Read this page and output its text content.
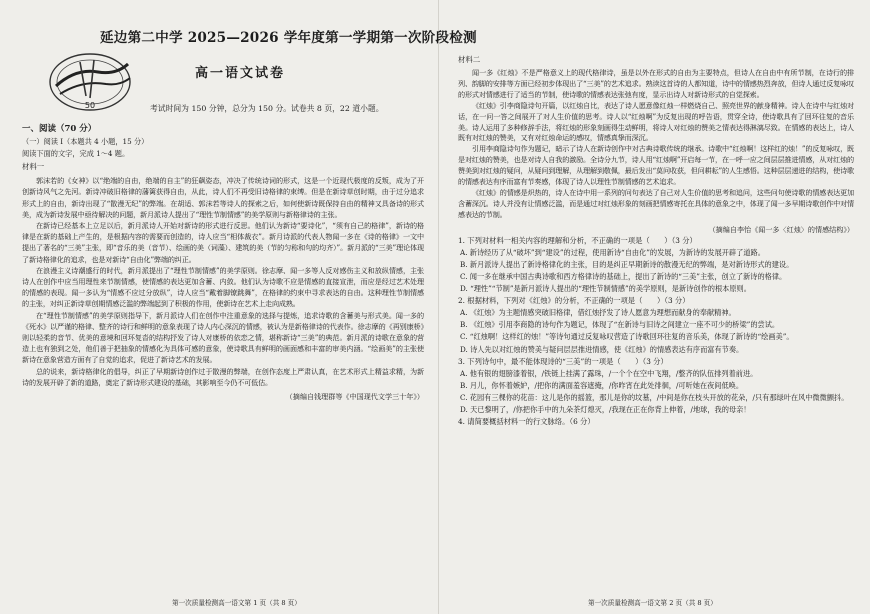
50
延边第二中学 2025—2026 学年度第一学期第一次阶段检测
高一语文试卷
考试时间为 150 分钟，总分为 150 分。试卷共 8 页，22 道小题。
一、阅读（70 分）
（一）阅读 I（本题共 4 小题，15 分）
阅读下面的文字，完成 1～4 题。
材料一

郭沫若的《女神》以“绝端的自由，绝端的自主”的狂飙姿态，冲决了传统诗词的形式，这是一个近现代极度的反叛，成为了开创新诗风气之先河。新诗冲破旧格律的藩篱获得自由，从此，诗人们不再受旧诗格律的束缚。但是在新诗草创时期，由于过分追求形式上的自由，新诗出现了“散漫无纪”的弊端。在胡适、郭沫若等诗人的探索之后，如何使新诗既保持自由的精神又具备诗的形式美，成为新诗发展中亟待解决的问题，新月派诗人提出了“理性节制情感”的美学原则与新格律诗的主张。

在新诗已经基本上立足以后，新月派诗人开始对新诗的形式进行反思。他们认为新诗“要诗化”，“须有自己的格律”，新诗的格律是在新的基础上产生的，是根据内容的需要而创造的，诗人应当“相体裁衣”。新月诗派的代表人物闻一多在《诗的格律》一文中提出了著名的“三美”主张，即“音乐的美（音节）、绘画的美（词藻）、建筑的美（节的匀称和句的均齐）”。新月派的“三美”理论体现了新诗格律化的追求，也是对新诗“自由化”弊端的纠正。

在浪漫主义诗潮盛行的时代，新月派提出了“理性节制情感”的美学原则。徐志摩、闻一多等人反对感伤主义和放纵情感，主张诗人在创作中应当用理性来节制情感，使情感的表达更加含蓄、内敛。他们认为诗歌不应是情感的直接宣泄，而应是经过艺术处理的情感的表现。闻一多认为“情感不应过分放纵”，诗人应当“戴着脚镣跳舞”，在格律的约束中寻求表达的自由。这种理性节制情感的主张，对纠正新诗草创期情感泛滥的弊端起到了积极的作用，使新诗在艺术上走向成熟。

在“理性节制情感”的美学原则指导下，新月派诗人们在创作中注重意象的选择与提炼，追求诗歌的含蓄美与形式美。闻一多的《死水》以严谨的格律、整齐的诗行和鲜明的意象表现了诗人内心深沉的情感，被认为是新格律诗的代表作。徐志摩的《再别康桥》则以轻柔的音节、优美的意境和回环复沓的结构抒发了诗人对康桥的依恋之情，堪称新诗“三美”的典范。新月派的诗歌在意象的营造上也有独到之处，他们善于把抽象的情感化为具体可感的意象，使诗歌具有鲜明的画面感和丰富的审美内涵。“绘画美”的主张使新诗在意象营造方面有了自觉的追求，促进了新诗艺术的发展。

总的说来，新诗格律化的倡导，纠正了早期新诗创作过于散漫的弊端，在创作态度上严肃认真，在艺术形式上精益求精，为新诗的发展开辟了新的道路，奠定了新诗形式建设的基础，其影响至今仍不可低估。

（摘编自钱理群等《中国现代文学三十年》）

第一次质量检测高一语文第 1 页（共 8 页）
材料二

闻一多《红烛》不是严格意义上的现代格律诗，虽是以外在形式的自由为主要特点，但诗人在自由中有所节制，在诗行的排列、韵脚的安排等方面已经初步体现出了“三美”的艺术追求。熟读这首诗的人都知道，诗中的情感热烈奔放，但诗人通过反复咏叹的形式对情感进行了适当的节制，使诗歌的情感表达张弛有度，显示出诗人对新诗形式的自觉探索。

《红烛》引李商隐诗句开篇，以红烛自比，表达了诗人愿意像红烛一样燃烧自己、照亮世界的献身精神。诗人在诗中与红烛对话，在一问一答之间展开了对人生价值的思考。诗人以“红烛啊”为反复出现的呼告语，贯穿全诗，使诗歌具有了回环往复的音乐美。诗人运用了多种修辞手法，将红烛的形象刻画得生动鲜明，将诗人对红烛的赞美之情表达得淋漓尽致。在情感的表达上，诗人既有对红烛的赞美，又有对红烛命运的感叹，情感真挚而深沉。

引用李商隐诗句作为题记，暗示了诗人在新诗创作中对古典诗歌传统的继承。诗歌中“红烛啊！这样红的烛！”的反复咏叹，既是对红烛的赞美，也是对诗人自我的激励。全诗分九节，诗人用“红烛啊”开启每一节，在一呼一应之间层层推进情感，从对红烛的赞美到对红烛的疑问，从疑问到理解，从理解到敬佩，最后发出“莫问收获，但问耕耘”的人生感悟。这种层层递进的结构，使诗歌的情感表达有序而富有节奏感，体现了诗人以理性节制情感的艺术追求。

《红烛》的情感是炽热的，诗人在诗中用一系列的问句表达了自己对人生价值的思考和追问，这些问句使诗歌的情感表达更加含蓄深沉。诗人并没有让情感泛滥，而是通过对红烛形象的刻画把情感寄托在具体的意象之中，体现了闻一多早期诗歌创作中对情感表达的节制。

（摘编自李怡《闻一多〈红烛〉的情感结构》）

1. 下列对材料一相关内容的理解和分析，不正确的一项是（　　）（3 分）

A. 新诗经历了从“破坏”到“建设”的过程，使用新诗“自由化”的发展，为新诗的发展开辟了道路。

B. 新月派诗人提出了新诗格律化的主张，目的是纠正早期新诗的散漫无纪的弊端，是对新诗形式的建设。

C. 闻一多在继承中国古典诗歌和西方格律诗的基础上，提出了新诗的“三美”主张，创立了新诗的格律。

D. “理性”“节制”是新月派诗人提出的“理性节制情感”的美学原则，是新诗创作的根本原则。

2. 根据材料，下列对《红烛》的分析，不正确的一项是（　　）（3 分）

A. 《红烛》为主题情感突破旧格律，借红烛抒发了诗人愿意为理想而献身的奉献精神。

B. 《红烛》引用李商隐的诗句作为题记，体现了“在新诗与旧诗之间建立一座不可少的桥梁”的尝试。

C. “红烛啊！这样红的烛！”等诗句通过反复咏叹营造了诗歌回环往复的音乐美，体现了新诗的“绘画美”。

D. 诗人先以对红烛的赞美与疑问层层推进情感，使《红烛》的情感表达有序而富有节奏。

3. 下列诗句中，最不能体现诗的“三美”的一项是（　　）（3 分）

A. 他有银的翅膀漆着银，/铁链上挂满了露珠，/一个个在空中飞翔，/整齐的队伍排列着前进。

B. 月儿，你怀着嫉妒，/把你的满面羞容遮掩，/你昨宵在此处徘徊，/可听她在夜间低唤。

C. 花园有三棵你的花苗：这儿是你的摇篮，那儿是你的坟墓，/中间是你在枝头开放的花朵，/只有那绿叶在风中微微颤抖。

D. 天已黎明了，/你把你手中的九朵茶灯熄灭，/我现在正在你背上伸着，/地球，我的母亲！

4. 请简要概括材料一的行文脉络。（6 分）

第一次质量检测高一语文第 2 页（共 8 页）
